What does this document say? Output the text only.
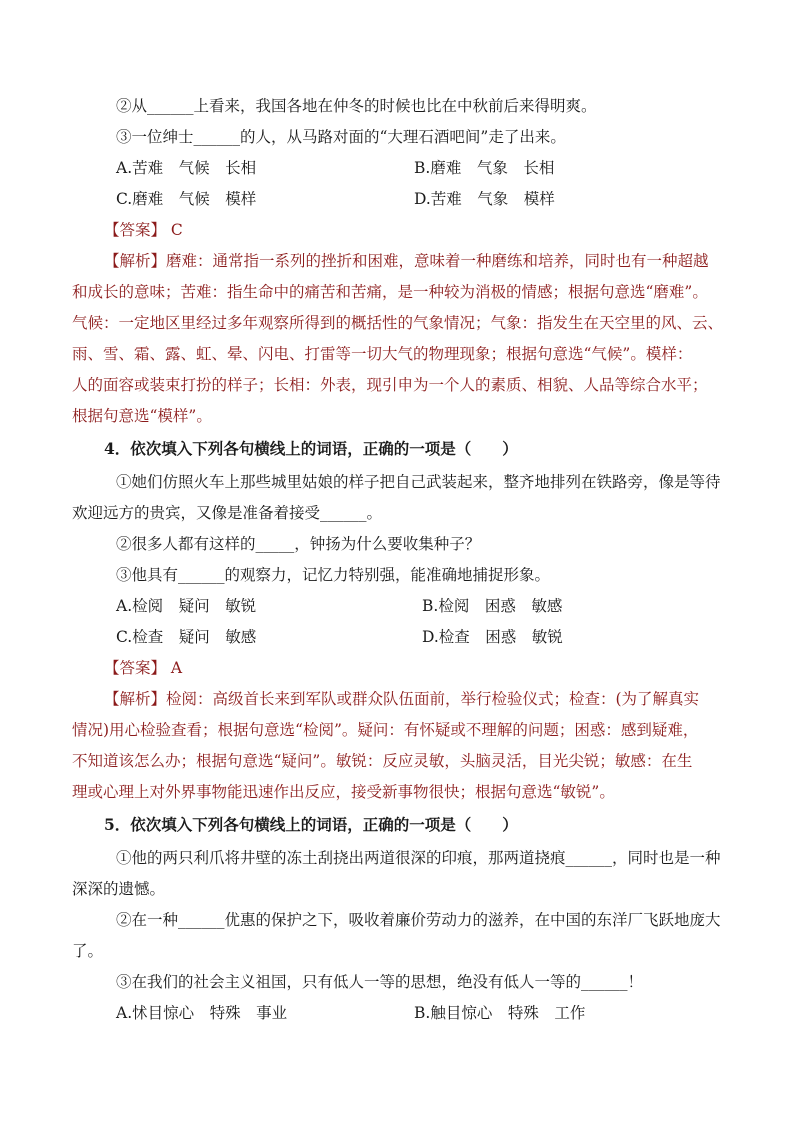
②从______上看来，我国各地在仲冬的时候也比在中秋前后来得明爽。
③一位绅士______的人，从马路对面的“大理石酒吧间”走了出来。
A.苦难　气候　长相	B.磨难　气象　长相
C.磨难　气候　模样	D.苦难　气象　模样
【答案】 C
【解析】磨难：通常指一系列的挫折和困难，意味着一种磨练和培养，同时也有一种超越
和成长的意味；苦难：指生命中的痛苦和苦痛，是一种较为消极的情感；根据句意选“磨难”。
气候：一定地区里经过多年观察所得到的概括性的气象情况；气象：指发生在天空里的风、云、
雨、雪、霜、露、虹、晕、闪电、打雷等一切大气的物理现象；根据句意选“气候”。模样：
人的面容或装束打扮的样子；长相：外表，现引申为一个人的素质、相貌、人品等综合水平；
根据句意选“模样”。
4．依次填入下列各句横线上的词语，正确的一项是（　　）
①她们仿照火车上那些城里姑娘的样子把自己武装起来，整齐地排列在铁路旁，像是等待
欢迎远方的贵宾，又像是准备着接受______。
②很多人都有这样的_____，钟扬为什么要收集种子？
③他具有______的观察力，记忆力特别强，能准确地捕捉形象。
A.检阅　疑问　敏锐	B.检阅　困惑　敏感
C.检查　疑问　敏感	D.检查　困惑　敏锐
【答案】 A
【解析】检阅：高级首长来到军队或群众队伍面前，举行检验仪式；检查：(为了解真实
情况)用心检验查看；根据句意选“检阅”。疑问：有怀疑或不理解的问题；困惑：感到疑难，
不知道该怎么办；根据句意选“疑问”。敏锐：反应灵敏，头脑灵活，目光尖锐；敏感：在生
理或心理上对外界事物能迅速作出反应，接受新事物很快；根据句意选“敏锐”。
5．依次填入下列各句横线上的词语，正确的一项是（　　）
①他的两只利爪将井壁的冻土刮挠出两道很深的印痕，那两道挠痕______，同时也是一种
深深的遗憾。
②在一种______优惠的保护之下，吸收着廉价劳动力的滋养，在中国的东洋厂飞跃地庞大
了。
③在我们的社会主义祖国，只有低人一等的思想，绝没有低人一等的______！
A.怵目惊心　特殊　事业	B.触目惊心　特殊　工作
